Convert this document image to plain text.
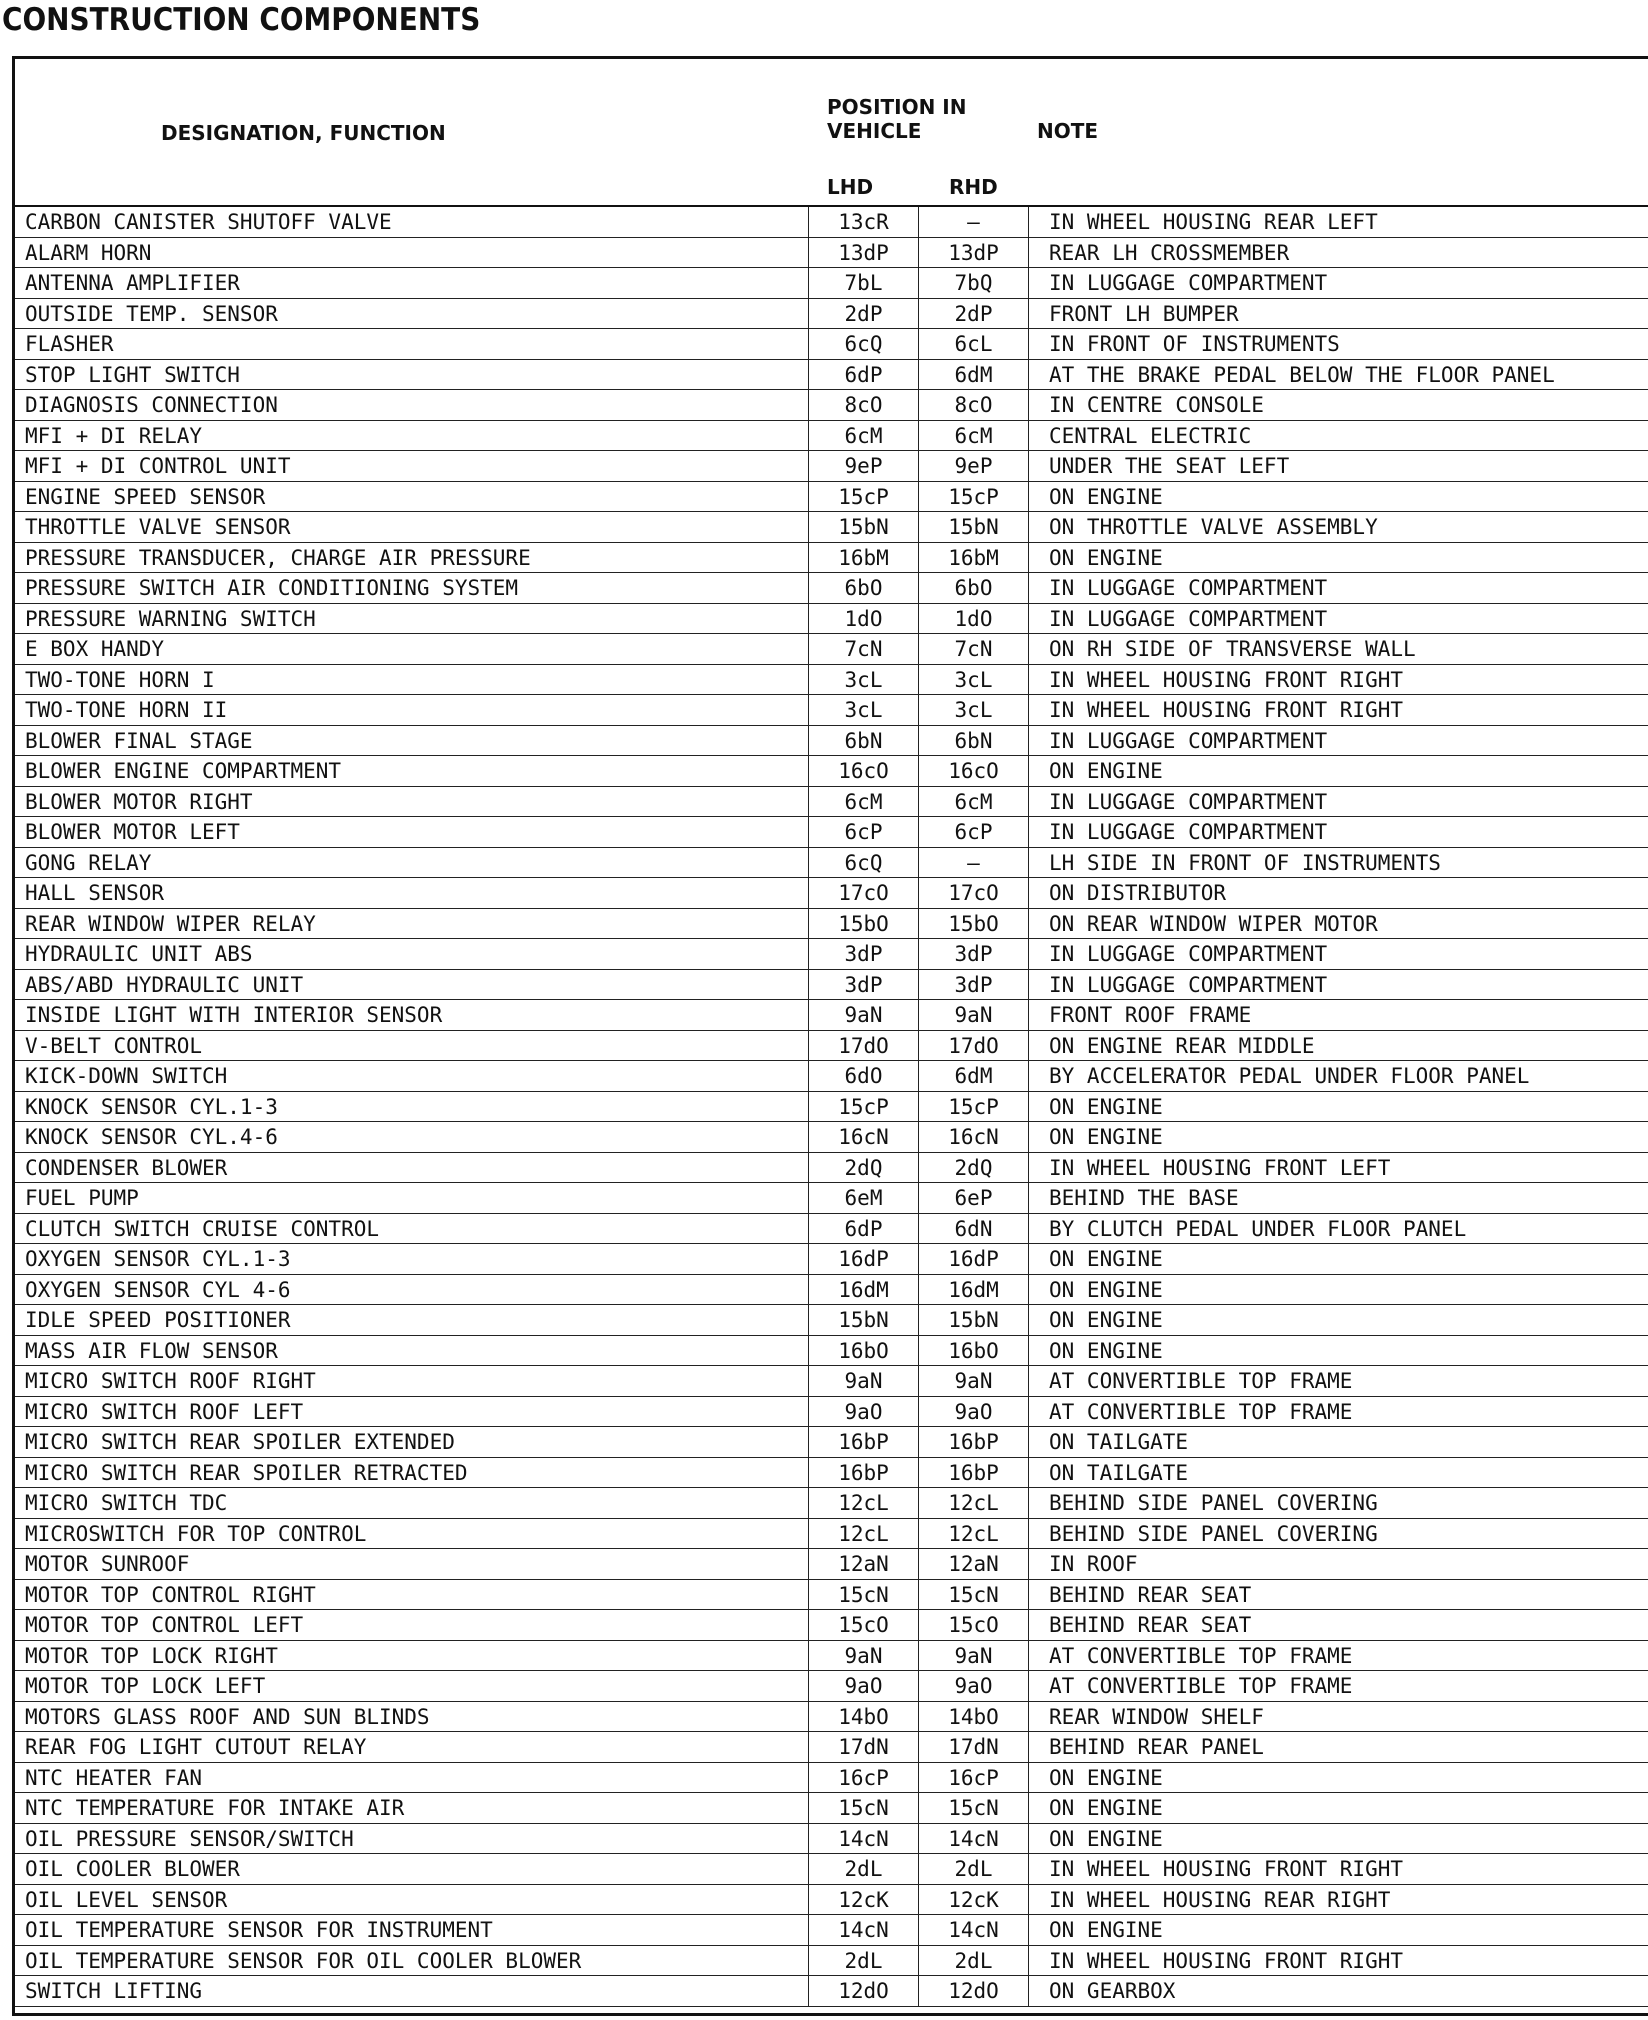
CONSTRUCTION COMPONENTS
DESIGNATION, FUNCTION
POSITION IN
VEHICLE	NOTE
LHD	RHD
CARBON CANISTER SHUTOFF VALVE	13cR	—	IN WHEEL HOUSING REAR LEFT
ALARM HORN	13dP	13dP	REAR LH CROSSMEMBER
ANTENNA AMPLIFIER	7bL	7bQ	IN LUGGAGE COMPARTMENT
OUTSIDE TEMP. SENSOR	2dP	2dP	FRONT LH BUMPER
FLASHER	6cQ	6cL	IN FRONT OF INSTRUMENTS
STOP LIGHT SWITCH	6dP	6dM	AT THE BRAKE PEDAL BELOW THE FLOOR PANEL
DIAGNOSIS CONNECTION	8cO	8cO	IN CENTRE CONSOLE
MFI + DI RELAY	6cM	6cM	CENTRAL ELECTRIC
MFI + DI CONTROL UNIT	9eP	9eP	UNDER THE SEAT LEFT
ENGINE SPEED SENSOR	15cP	15cP	ON ENGINE
THROTTLE VALVE SENSOR	15bN	15bN	ON THROTTLE VALVE ASSEMBLY
PRESSURE TRANSDUCER, CHARGE AIR PRESSURE	16bM	16bM	ON ENGINE
PRESSURE SWITCH AIR CONDITIONING SYSTEM	6bO	6bO	IN LUGGAGE COMPARTMENT
PRESSURE WARNING SWITCH	1dO	1dO	IN LUGGAGE COMPARTMENT
E BOX HANDY	7cN	7cN	ON RH SIDE OF TRANSVERSE WALL
TWO-TONE HORN I	3cL	3cL	IN WHEEL HOUSING FRONT RIGHT
TWO-TONE HORN II	3cL	3cL	IN WHEEL HOUSING FRONT RIGHT
BLOWER FINAL STAGE	6bN	6bN	IN LUGGAGE COMPARTMENT
BLOWER ENGINE COMPARTMENT	16cO	16cO	ON ENGINE
BLOWER MOTOR RIGHT	6cM	6cM	IN LUGGAGE COMPARTMENT
BLOWER MOTOR LEFT	6cP	6cP	IN LUGGAGE COMPARTMENT
GONG RELAY	6cQ	—	LH SIDE IN FRONT OF INSTRUMENTS
HALL SENSOR	17cO	17cO	ON DISTRIBUTOR
REAR WINDOW WIPER RELAY	15bO	15bO	ON REAR WINDOW WIPER MOTOR
HYDRAULIC UNIT ABS	3dP	3dP	IN LUGGAGE COMPARTMENT
ABS/ABD HYDRAULIC UNIT	3dP	3dP	IN LUGGAGE COMPARTMENT
INSIDE LIGHT WITH INTERIOR SENSOR	9aN	9aN	FRONT ROOF FRAME
V-BELT CONTROL	17dO	17dO	ON ENGINE REAR MIDDLE
KICK-DOWN SWITCH	6dO	6dM	BY ACCELERATOR PEDAL UNDER FLOOR PANEL
KNOCK SENSOR CYL.1-3	15cP	15cP	ON ENGINE
KNOCK SENSOR CYL.4-6	16cN	16cN	ON ENGINE
CONDENSER BLOWER	2dQ	2dQ	IN WHEEL HOUSING FRONT LEFT
FUEL PUMP	6eM	6eP	BEHIND THE BASE
CLUTCH SWITCH CRUISE CONTROL	6dP	6dN	BY CLUTCH PEDAL UNDER FLOOR PANEL
OXYGEN SENSOR CYL.1-3	16dP	16dP	ON ENGINE
OXYGEN SENSOR CYL 4-6	16dM	16dM	ON ENGINE
IDLE SPEED POSITIONER	15bN	15bN	ON ENGINE
MASS AIR FLOW SENSOR	16bO	16bO	ON ENGINE
MICRO SWITCH ROOF RIGHT	9aN	9aN	AT CONVERTIBLE TOP FRAME
MICRO SWITCH ROOF LEFT	9aO	9aO	AT CONVERTIBLE TOP FRAME
MICRO SWITCH REAR SPOILER EXTENDED	16bP	16bP	ON TAILGATE
MICRO SWITCH REAR SPOILER RETRACTED	16bP	16bP	ON TAILGATE
MICRO SWITCH TDC	12cL	12cL	BEHIND SIDE PANEL COVERING
MICROSWITCH FOR TOP CONTROL	12cL	12cL	BEHIND SIDE PANEL COVERING
MOTOR SUNROOF	12aN	12aN	IN ROOF
MOTOR TOP CONTROL RIGHT	15cN	15cN	BEHIND REAR SEAT
MOTOR TOP CONTROL LEFT	15cO	15cO	BEHIND REAR SEAT
MOTOR TOP LOCK RIGHT	9aN	9aN	AT CONVERTIBLE TOP FRAME
MOTOR TOP LOCK LEFT	9aO	9aO	AT CONVERTIBLE TOP FRAME
MOTORS GLASS ROOF AND SUN BLINDS	14bO	14bO	REAR WINDOW SHELF
REAR FOG LIGHT CUTOUT RELAY	17dN	17dN	BEHIND REAR PANEL
NTC HEATER FAN	16cP	16cP	ON ENGINE
NTC TEMPERATURE FOR INTAKE AIR	15cN	15cN	ON ENGINE
OIL PRESSURE SENSOR/SWITCH	14cN	14cN	ON ENGINE
OIL COOLER BLOWER	2dL	2dL	IN WHEEL HOUSING FRONT RIGHT
OIL LEVEL SENSOR	12cK	12cK	IN WHEEL HOUSING REAR RIGHT
OIL TEMPERATURE SENSOR FOR INSTRUMENT	14cN	14cN	ON ENGINE
OIL TEMPERATURE SENSOR FOR OIL COOLER BLOWER	2dL	2dL	IN WHEEL HOUSING FRONT RIGHT
SWITCH LIFTING	12dO	12dO	ON GEARBOX
